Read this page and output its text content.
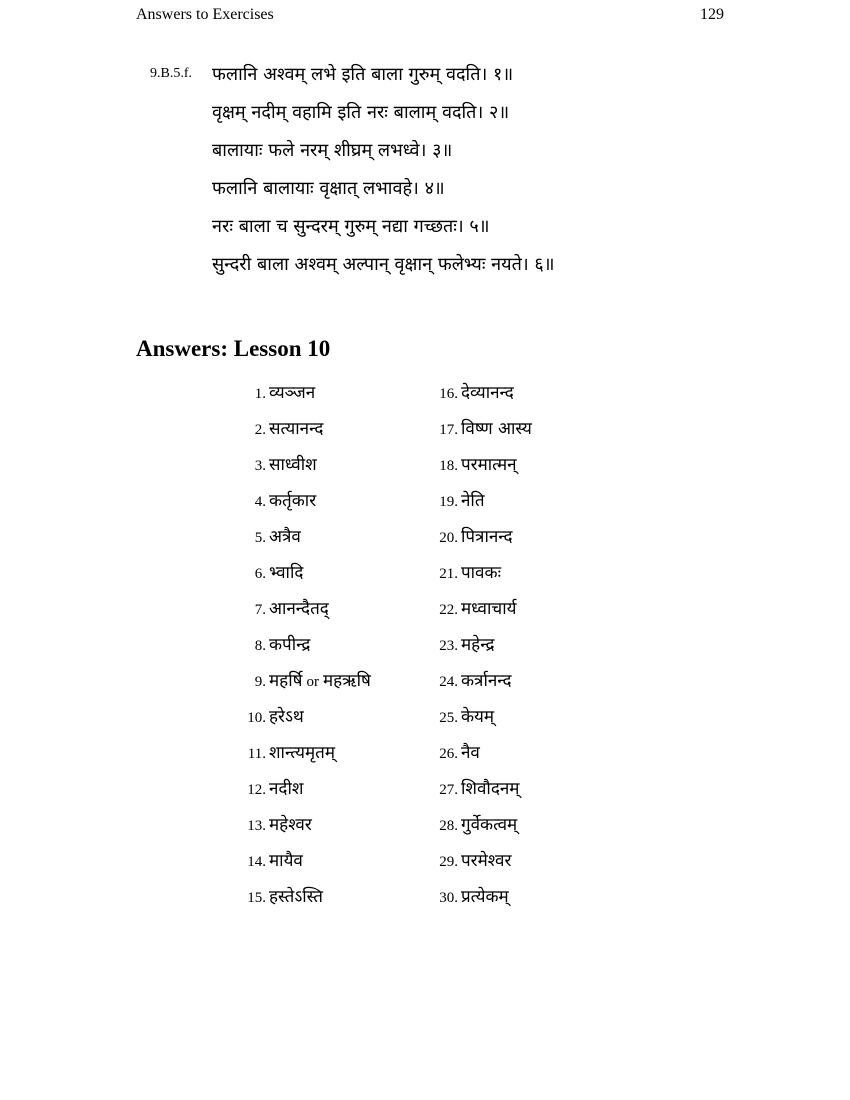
Answers to Exercises	129
9.B.5.f. फलानि अश्वम् लभे इति बाला गुरुम् वदति। १॥
वृक्षम् नदीम् वहामि इति नरः बालाम् वदति। २॥
बालायाः फले नरम् शीघ्रम् लभध्वे। ३॥
फलानि बालायाः वृक्षात् लभावहे। ४॥
नरः बाला च सुन्दरम् गुरुम् नद्या गच्छतः। ५॥
सुन्दरी बाला अश्वम् अल्पान् वृक्षान् फलेभ्यः नयते। ६॥
Answers: Lesson 10
1. व्यञ्जन
2. सत्यानन्द
3. साध्वीश
4. कर्तृकार
5. अत्रैव
6. भ्वादि
7. आनन्दैतद्
8. कपीन्द्र
9. महर्षि or महऋषि
10. हरेऽथ
11. शान्त्यमृतम्
12. नदीश
13. महेश्वर
14. मायैव
15. हस्तेऽस्ति
16. देव्यानन्द
17. विष्ण आस्य
18. परमात्मन्
19. नेति
20. पित्रानन्द
21. पावकः
22. मध्वाचार्य
23. महेन्द्र
24. कर्त्रानन्द
25. केयम्
26. नैव
27. शिवौदनम्
28. गुर्वेकत्वम्
29. परमेश्वर
30. प्रत्येकम्
